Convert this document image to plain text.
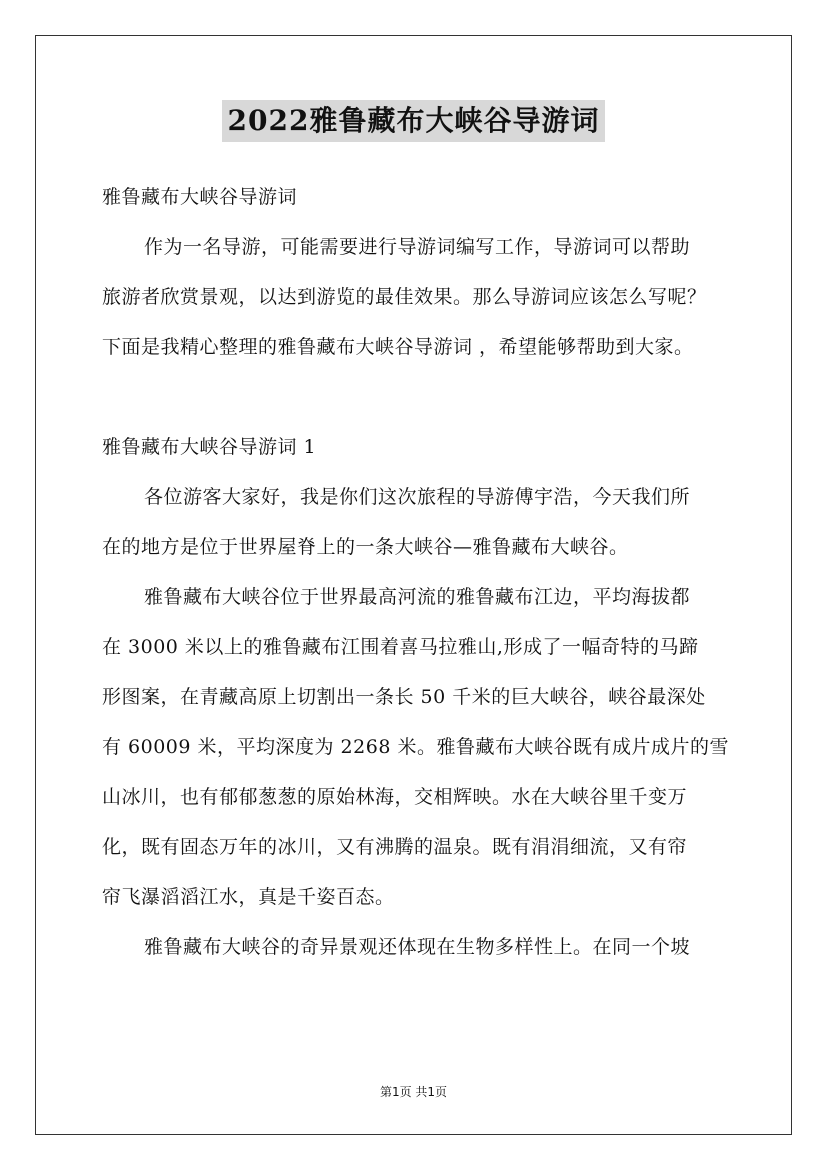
2022雅鲁藏布大峡谷导游词
雅鲁藏布大峡谷导游词
作为一名导游，可能需要进行导游词编写工作，导游词可以帮助
旅游者欣赏景观，以达到游览的最佳效果。那么导游词应该怎么写呢？
下面是我精心整理的雅鲁藏布大峡谷导游词 ，希望能够帮助到大家。
雅鲁藏布大峡谷导游词 1
各位游客大家好，我是你们这次旅程的导游傅宇浩，今天我们所
在的地方是位于世界屋脊上的一条大峡谷—雅鲁藏布大峡谷。
雅鲁藏布大峡谷位于世界最高河流的雅鲁藏布江边，平均海拔都
在 3000 米以上的雅鲁藏布江围着喜马拉雅山,形成了一幅奇特的马蹄
形图案，在青藏高原上切割出一条长 50 千米的巨大峡谷，峡谷最深处
有 60009 米，平均深度为 2268 米。雅鲁藏布大峡谷既有成片成片的雪
山冰川，也有郁郁葱葱的原始林海，交相辉映。水在大峡谷里千变万
化，既有固态万年的冰川，又有沸腾的温泉。既有涓涓细流，又有帘
帘飞瀑滔滔江水，真是千姿百态。
雅鲁藏布大峡谷的奇异景观还体现在生物多样性上。在同一个坡
第1页 共1页
